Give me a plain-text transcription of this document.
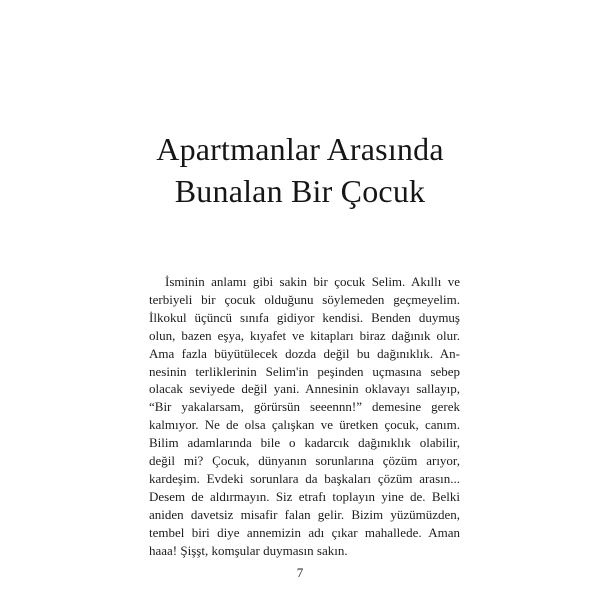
Apartmanlar Arasında
Bunalan Bir Çocuk
İsminin anlamı gibi sakin bir çocuk Selim. Akıllı ve
terbiyeli bir çocuk olduğunu söylemeden geçmeyelim.
İlkokul üçüncü sınıfa gidiyor kendisi. Benden duymuş
olun, bazen eşya, kıyafet ve kitapları biraz dağınık olur.
Ama fazla büyütülecek dozda değil bu dağınıklık. An-
nesinin terliklerinin Selim'in peşinden uçmasına sebep
olacak seviyede değil yani. Annesinin oklavayı sallayıp,
“Bir yakalarsam, görürsün seeennn!” demesine gerek
kalmıyor. Ne de olsa çalışkan ve üretken çocuk, canım.
Bilim adamlarında bile o kadarcık dağınıklık olabilir,
değil mi? Çocuk, dünyanın sorunlarına çözüm arıyor,
kardeşim. Evdeki sorunlara da başkaları çözüm arasın...
Desem de aldırmayın. Siz etrafı toplayın yine de. Belki
aniden davetsiz misafir falan gelir. Bizim yüzümüzden,
tembel biri diye annemizin adı çıkar mahallede. Aman
haaa! Şişşt, komşular duymasın sakın.
7
